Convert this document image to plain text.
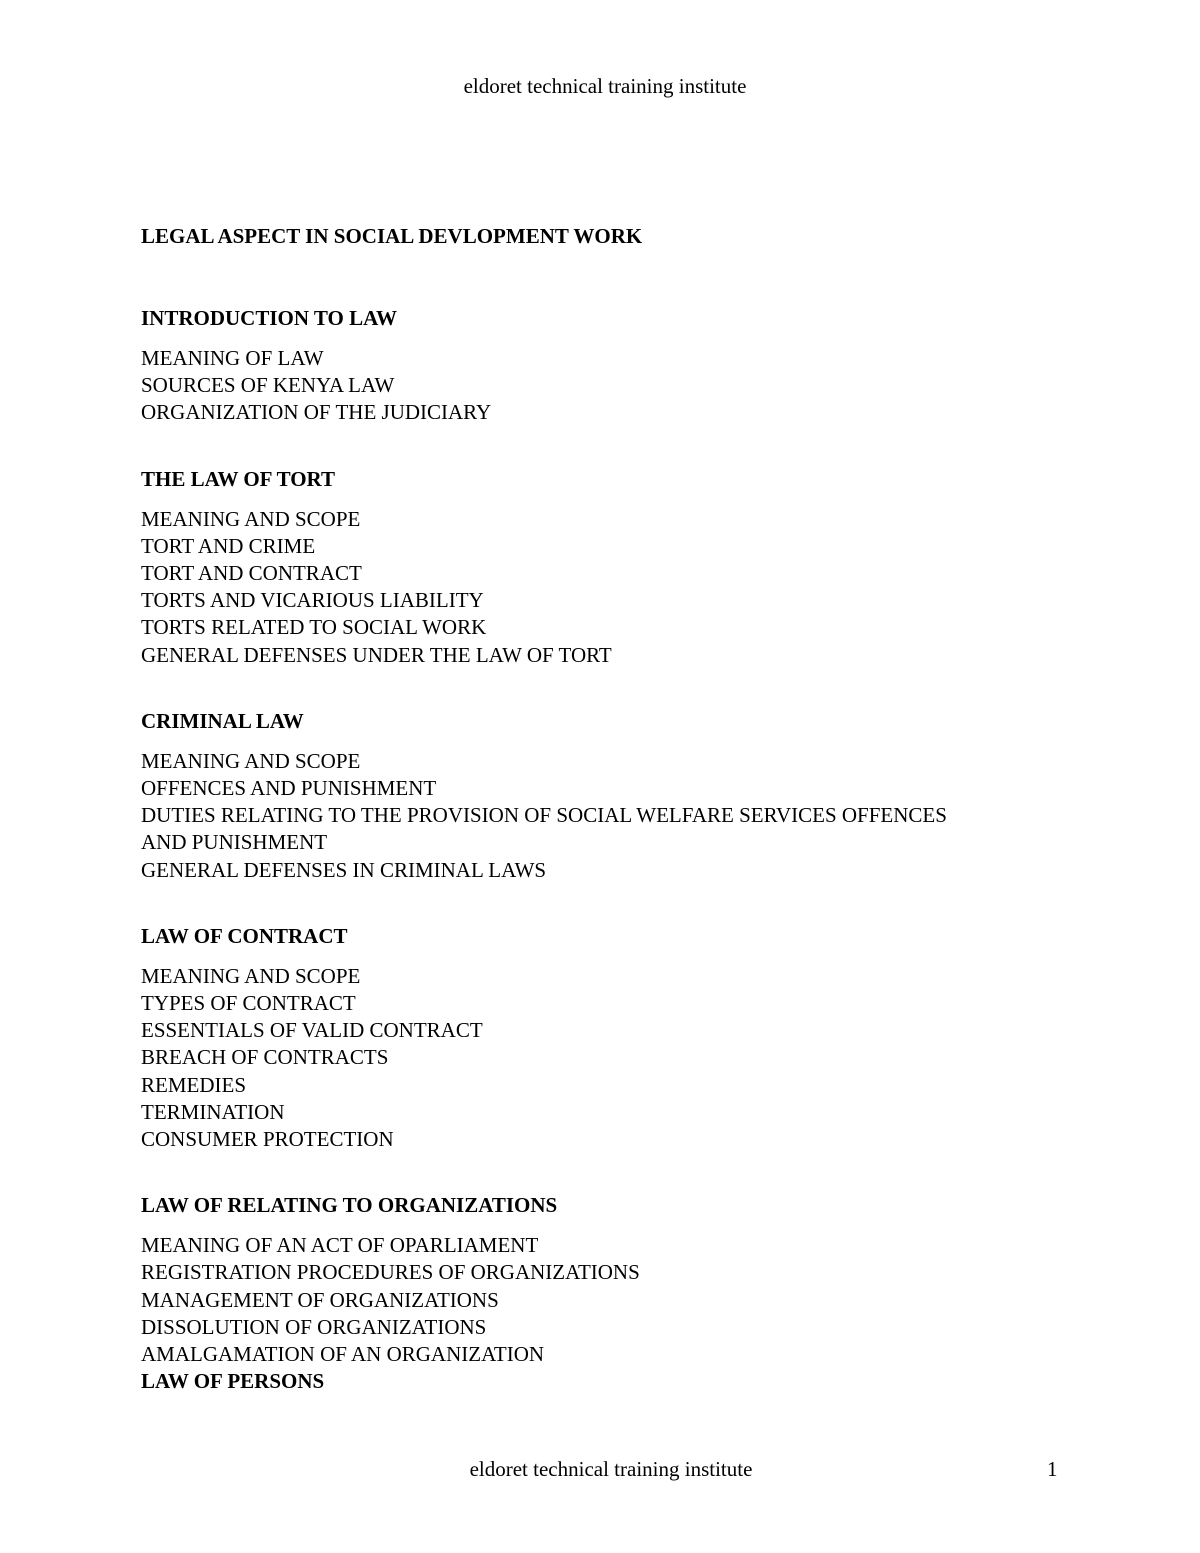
eldoret technical training institute
LEGAL ASPECT IN SOCIAL DEVLOPMENT WORK
INTRODUCTION TO LAW
MEANING OF LAW
SOURCES OF KENYA LAW
ORGANIZATION OF THE JUDICIARY
THE LAW OF TORT
MEANING AND SCOPE
TORT AND CRIME
TORT AND CONTRACT
TORTS AND VICARIOUS LIABILITY
TORTS RELATED TO SOCIAL WORK
GENERAL DEFENSES UNDER THE LAW OF TORT
CRIMINAL LAW
MEANING AND SCOPE
OFFENCES AND PUNISHMENT
DUTIES RELATING TO THE PROVISION OF SOCIAL WELFARE SERVICES OFFENCES
AND PUNISHMENT
GENERAL DEFENSES IN CRIMINAL LAWS
LAW OF CONTRACT
MEANING AND SCOPE
TYPES OF CONTRACT
ESSENTIALS OF VALID CONTRACT
BREACH OF CONTRACTS
REMEDIES
TERMINATION
CONSUMER PROTECTION
LAW OF RELATING TO ORGANIZATIONS
MEANING OF AN ACT OF OPARLIAMENT
REGISTRATION PROCEDURES OF ORGANIZATIONS
MANAGEMENT OF ORGANIZATIONS
DISSOLUTION OF ORGANIZATIONS
AMALGAMATION OF AN ORGANIZATION
LAW OF PERSONS
eldoret technical training institute	1
